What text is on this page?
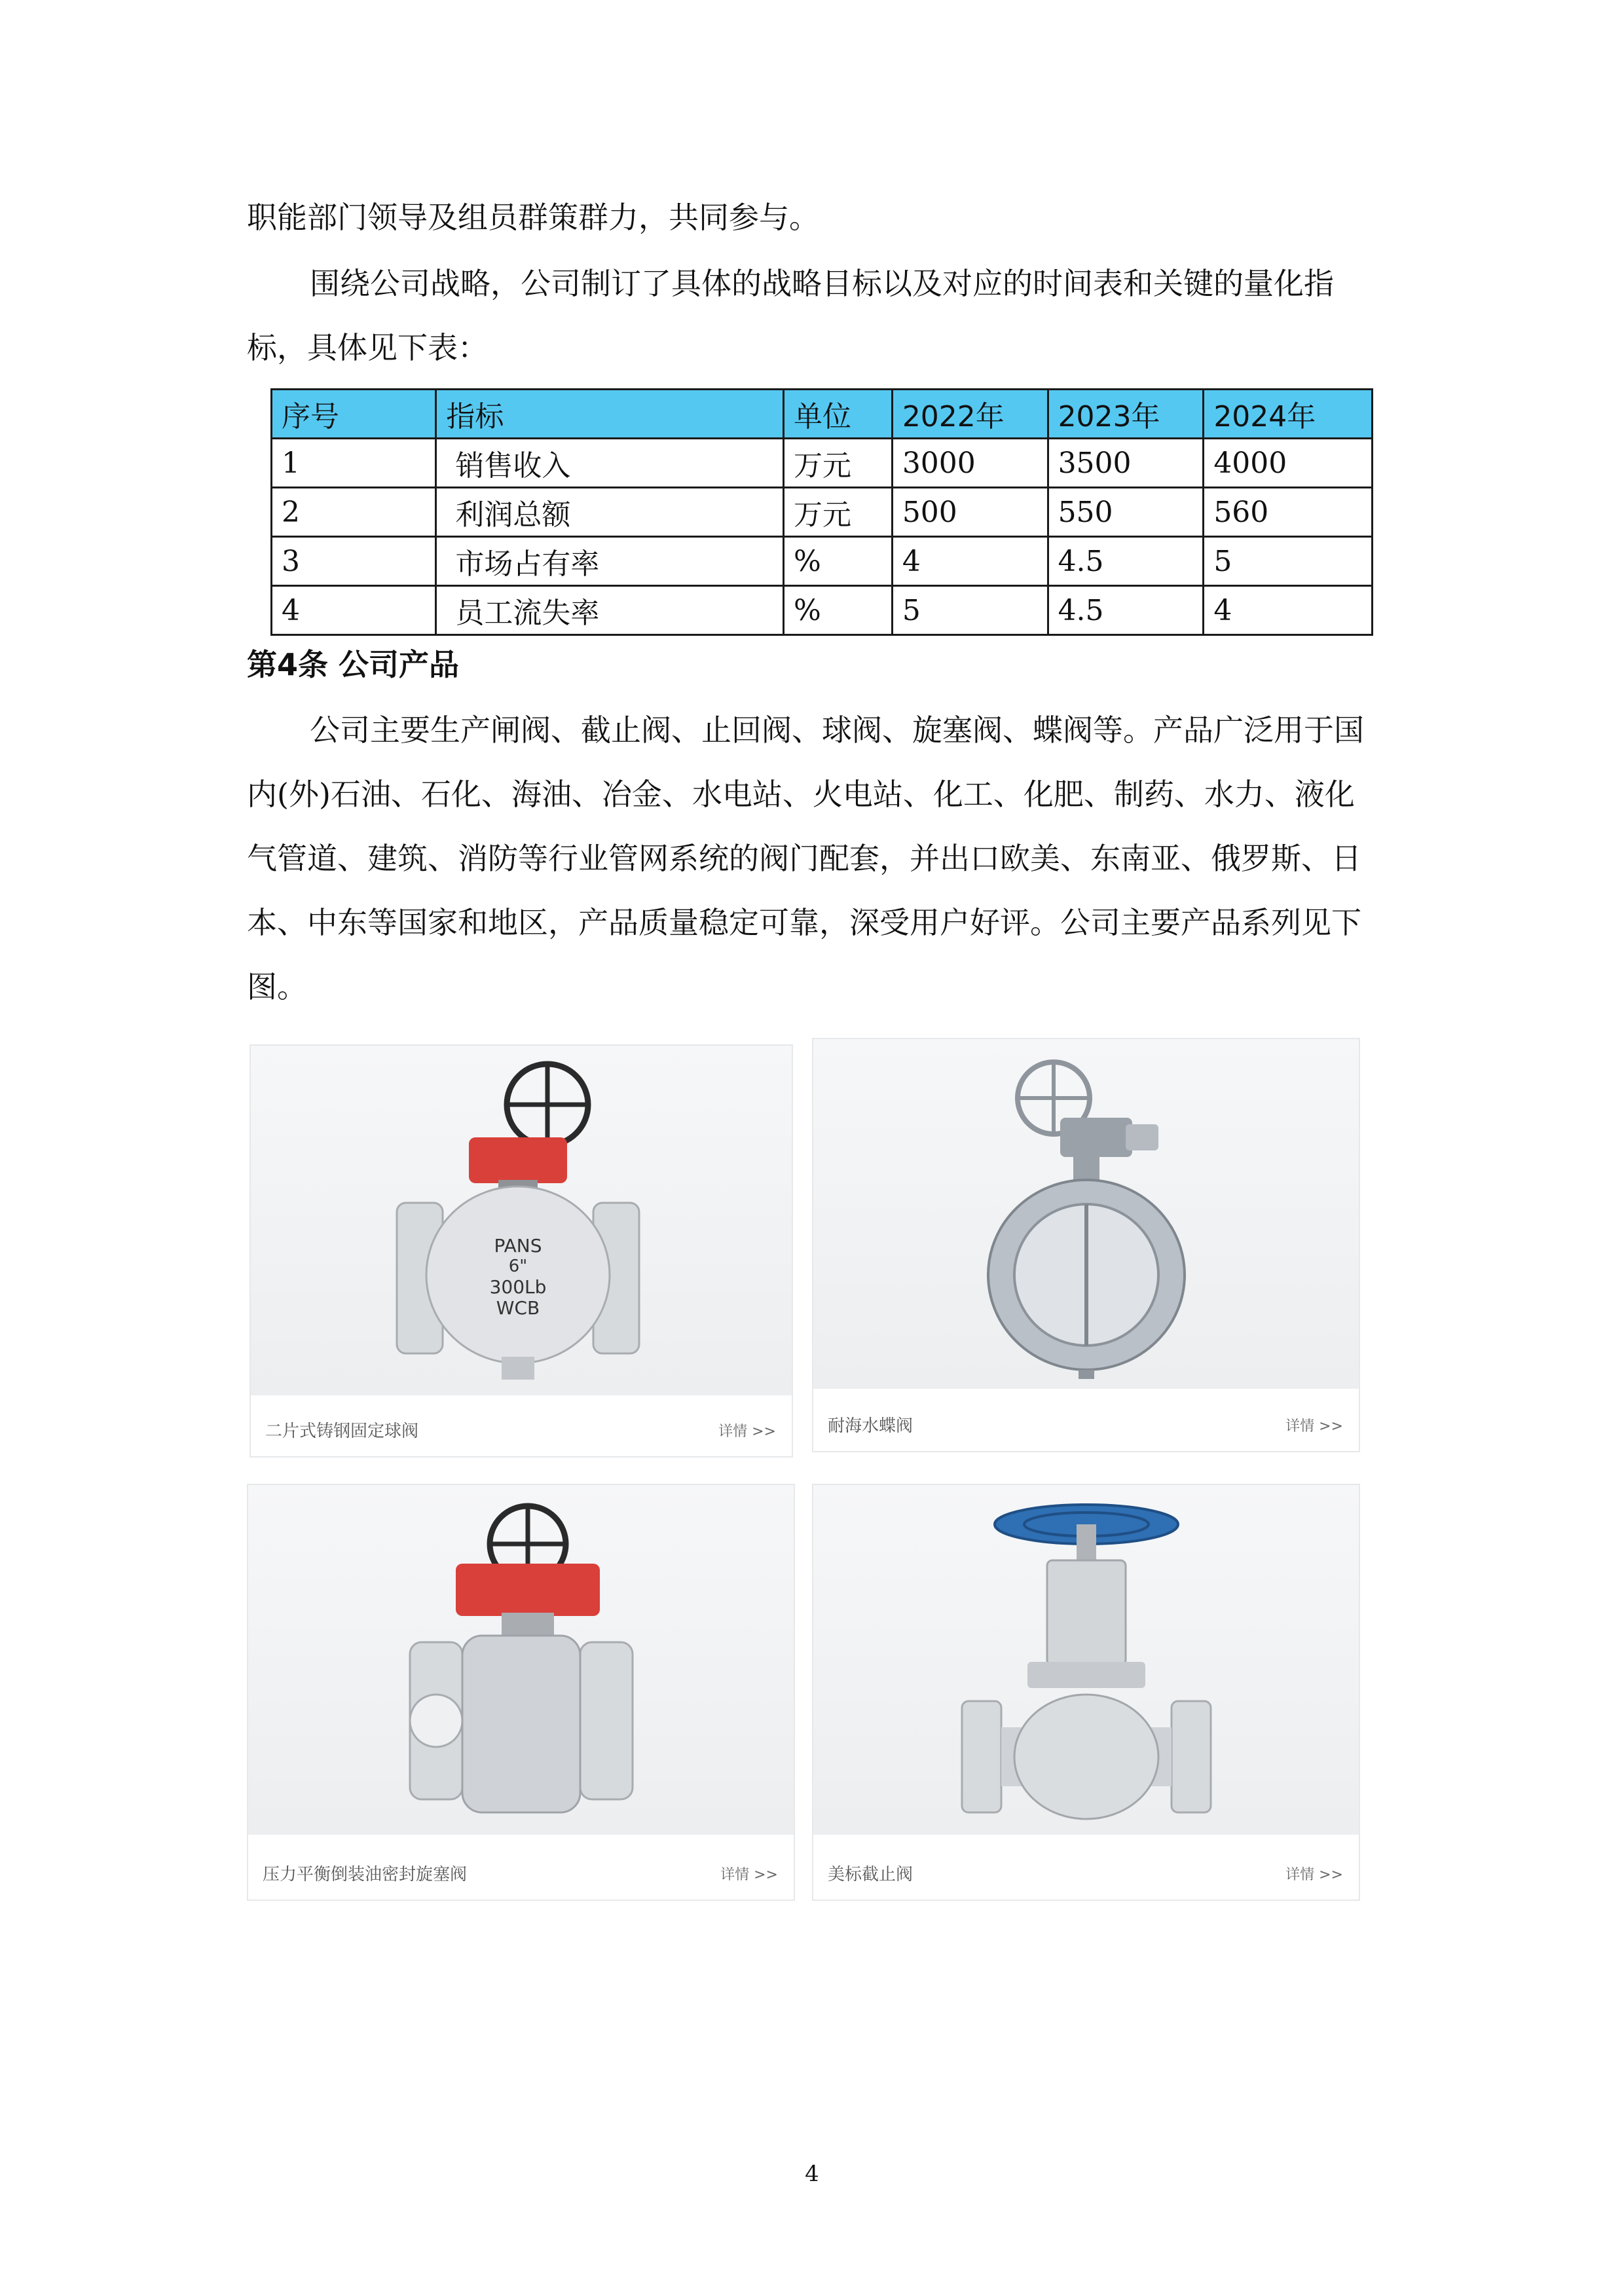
职能部门领导及组员群策群力，共同参与。

围绕公司战略，公司制订了具体的战略目标以及对应的时间表和关键的量化指标，具体见下表：

序号	指标	单位	2022年	2023年	2024年
1	销售收入	万元	3000	3500	4000
2	利润总额	万元	500	550	560
3	市场占有率	%	4	4.5	5
4	员工流失率	%	5	4.5	4
第4条 公司产品

公司主要生产闸阀、截止阀、止回阀、球阀、旋塞阀、蝶阀等。产品广泛用于国内(外)石油、石化、海油、冶金、水电站、火电站、化工、化肥、制药、水力、液化气管道、建筑、消防等行业管网系统的阀门配套，并出口欧美、东南亚、俄罗斯、日本、中东等国家和地区，产品质量稳定可靠，深受用户好评。公司主要产品系列见下图。

PANS
6"
300Lb
WCB
二片式铸钢固定球阀	详情 >>	耐海水蝶阀	详情 >>
压力平衡倒装油密封旋塞阀	详情 >>	美标截止阀	详情 >>
4
